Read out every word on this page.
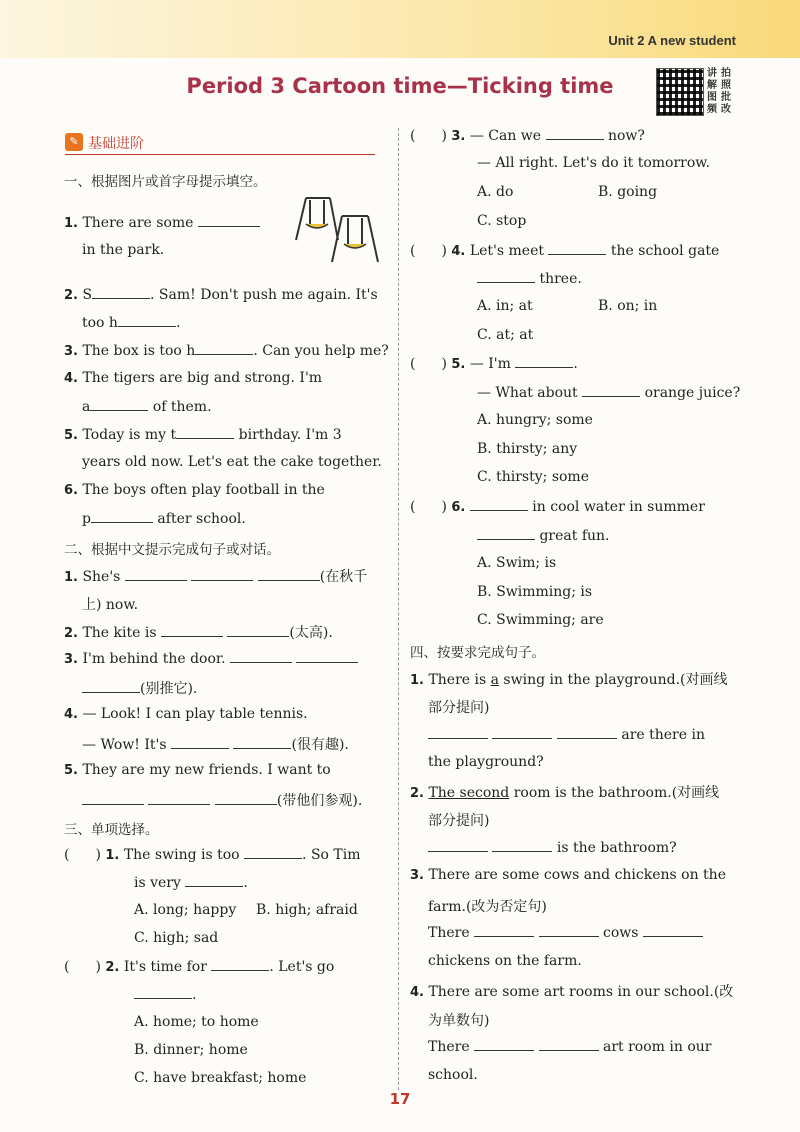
Unit 2 A new student
Period 3 Cartoon time—Ticking time
讲 拍解 照图 批频 改
✎ 基础进阶
一、根据图片或首字母提示填空。
1. There are some
in the park.
2. S	. Sam! Don't push me again. It's
too h	.
3. The box is too h	. Can you help me?
4. The tigers are big and strong. I'm
a	of them.
5. Today is my t	birthday. I'm 3
years old now. Let's eat the cake together.
6. The boys often play football in the
p	after school.
二、根据中文提示完成句子或对话。
1. She's	(在秋千
上) now.
2. The kite is	(太高).
3. I'm behind the door.
(别推它).
4. — Look! I can play table tennis.
— Wow! It's	(很有趣).
5. They are my new friends. I want to
(带他们参观).
三、单项选择。
( ) 1. The swing is too	. So Tim
is very	.
A. long; happy B. high; afraid
C. high; sad
( ) 2. It's time for	. Let's go
.
A. home; to home
B. dinner; home
C. have breakfast; home
( ) 3. — Can we	now?
— All right. Let's do it tomorrow.
A. do	B. going
C. stop
( ) 4. Let's meet	the school gate
three.
A. in; at	B. on; in
C. at; at
( ) 5. — I'm	.
— What about	orange juice?
A. hungry; some
B. thirsty; any
C. thirsty; some
( ) 6.	in cool water in summer
great fun.
A. Swim; is
B. Swimming; is
C. Swimming; are
四、按要求完成句子。
1. There is a swing in the playground.(对画线
部分提问)
are there in
the playground?
2. The second room is the bathroom.(对画线
部分提问)
is the bathroom?
3. There are some cows and chickens on the
farm.(改为否定句)
There	cows
chickens on the farm.
4. There are some art rooms in our school.(改
为单数句)
There	art room in our
school.
17
